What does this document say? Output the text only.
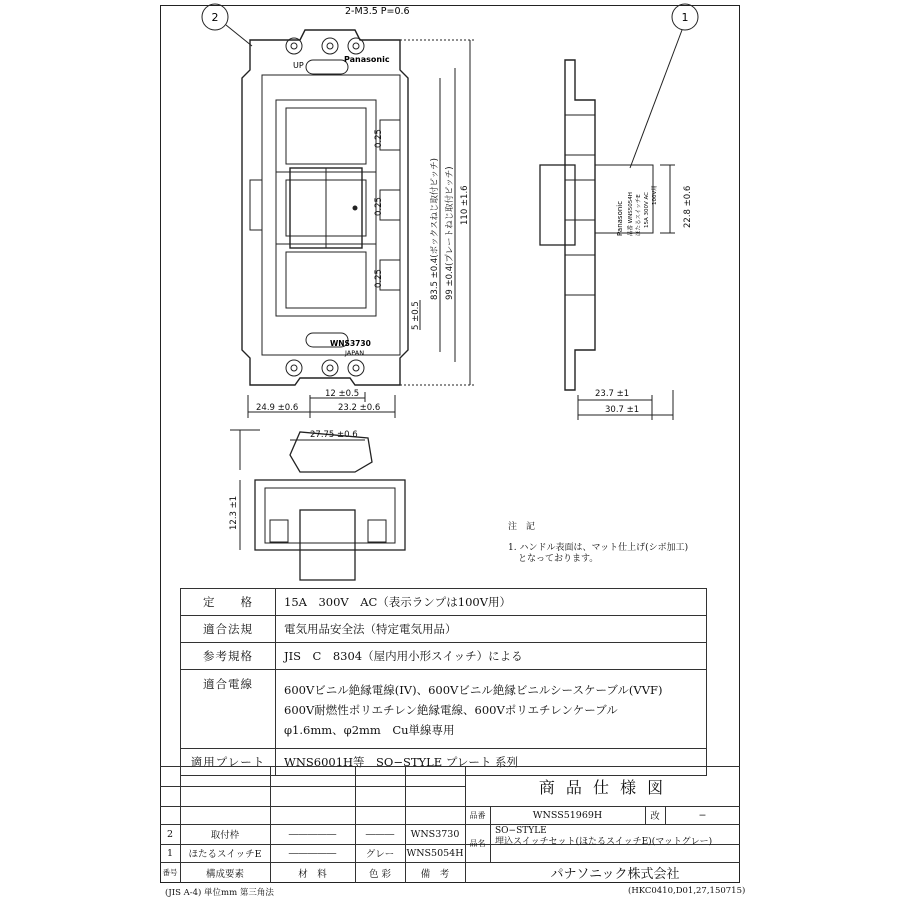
2	1
2-M3.5 P=0.6
UP
Panasonic
WNS3730
JAPAN
0.25
0.25
0.25	83.5 ±0.4(ボックスねじ取付ピッチ) 99 ±0.4(プレートねじ取付ピッチ) 110 ±1.6
5 ±0.5
12 ±0.5
24.9 ±0.6	23.2 ±0.6
Panasonic 品番 WNS5054H ほたるスイッチE 15A 300V AC 100V用	22.8 ±0.6
23.7 ±1
30.7 ±1
27.75 ±0.6
12.3 ±1	注　記
1. ハンドル表面は、マット仕上げ(シボ加工)
となっております。
定　　格	15A　300V　AC（表示ランプは100V用）
適合法規	電気用品安全法（特定電気用品）
参考規格	JIS　C　8304（屋内用小形スイッチ）による
適合電線	600Vビニル絶縁電線(IV)、600Vビニル絶縁ビニルシースケーブル(VVF)
600V耐燃性ポリエチレン絶縁電線、600Vポリエチレンケーブル
φ1.6mm、φ2mm　Cu単線専用

適用プレート	WNS6001H等　SO−STYLE プレート 系列
商 品 仕 様 図
品番	WNSS51969H	改	−
品名
SO−STYLE
埋込スイッチセット(ほたるスイッチE)(マットグレー)
パナソニック株式会社
2	取付枠	―――――	―――	WNS3730
1	ほたるスイッチE	―――――	グレー	WNS5054H
番号	構成要素	材　料	色 彩	備　考
(JIS A-4) 単位mm 第三角法	(HKC0410,D01,27,150715)
